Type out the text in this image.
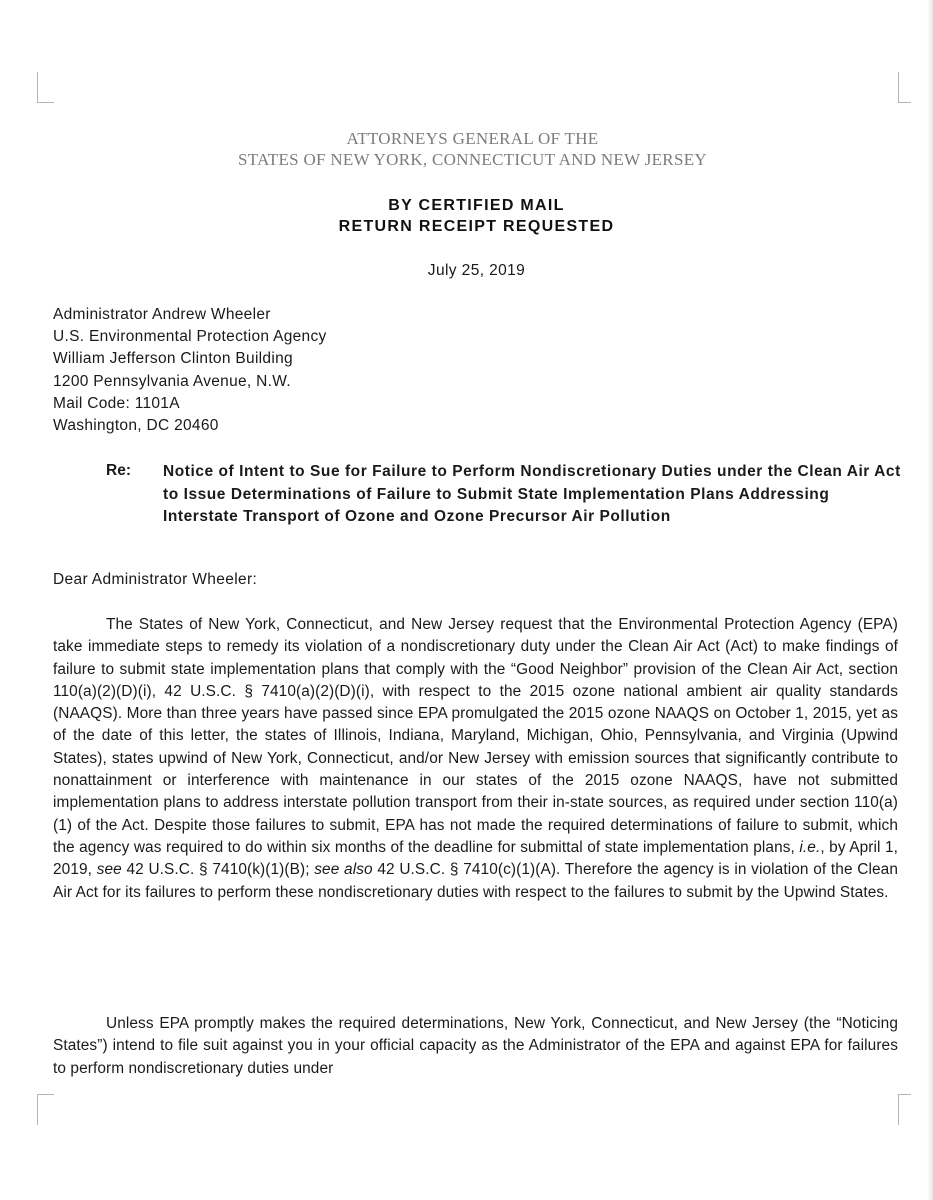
ATTORNEYS GENERAL OF THE
STATES OF NEW YORK, CONNECTICUT AND NEW JERSEY
BY CERTIFIED MAIL
RETURN RECEIPT REQUESTED
July 25, 2019
Administrator Andrew Wheeler
U.S. Environmental Protection Agency
William Jefferson Clinton Building
1200 Pennsylvania Avenue, N.W.
Mail Code: 1101A
Washington, DC 20460
Re: Notice of Intent to Sue for Failure to Perform Nondiscretionary Duties under the Clean Air Act to Issue Determinations of Failure to Submit State Implementation Plans Addressing Interstate Transport of Ozone and Ozone Precursor Air Pollution
Dear Administrator Wheeler:
The States of New York, Connecticut, and New Jersey request that the Environmental Protection Agency (EPA) take immediate steps to remedy its violation of a nondiscretionary duty under the Clean Air Act (Act) to make findings of failure to submit state implementation plans that comply with the “Good Neighbor” provision of the Clean Air Act, section 110(a)(2)(D)(i), 42 U.S.C. § 7410(a)(2)(D)(i), with respect to the 2015 ozone national ambient air quality standards (NAAQS). More than three years have passed since EPA promulgated the 2015 ozone NAAQS on October 1, 2015, yet as of the date of this letter, the states of Illinois, Indiana, Maryland, Michigan, Ohio, Pennsylvania, and Virginia (Upwind States), states upwind of New York, Connecticut, and/or New Jersey with emission sources that significantly contribute to nonattainment or interference with maintenance in our states of the 2015 ozone NAAQS, have not submitted implementation plans to address interstate pollution transport from their in-state sources, as required under section 110(a)(1) of the Act. Despite those failures to submit, EPA has not made the required determinations of failure to submit, which the agency was required to do within six months of the deadline for submittal of state implementation plans, i.e., by April 1, 2019, see 42 U.S.C. § 7410(k)(1)(B); see also 42 U.S.C. § 7410(c)(1)(A). Therefore the agency is in violation of the Clean Air Act for its failures to perform these nondiscretionary duties with respect to the failures to submit by the Upwind States.
Unless EPA promptly makes the required determinations, New York, Connecticut, and New Jersey (the “Noticing States”) intend to file suit against you in your official capacity as the Administrator of the EPA and against EPA for failures to perform nondiscretionary duties under
